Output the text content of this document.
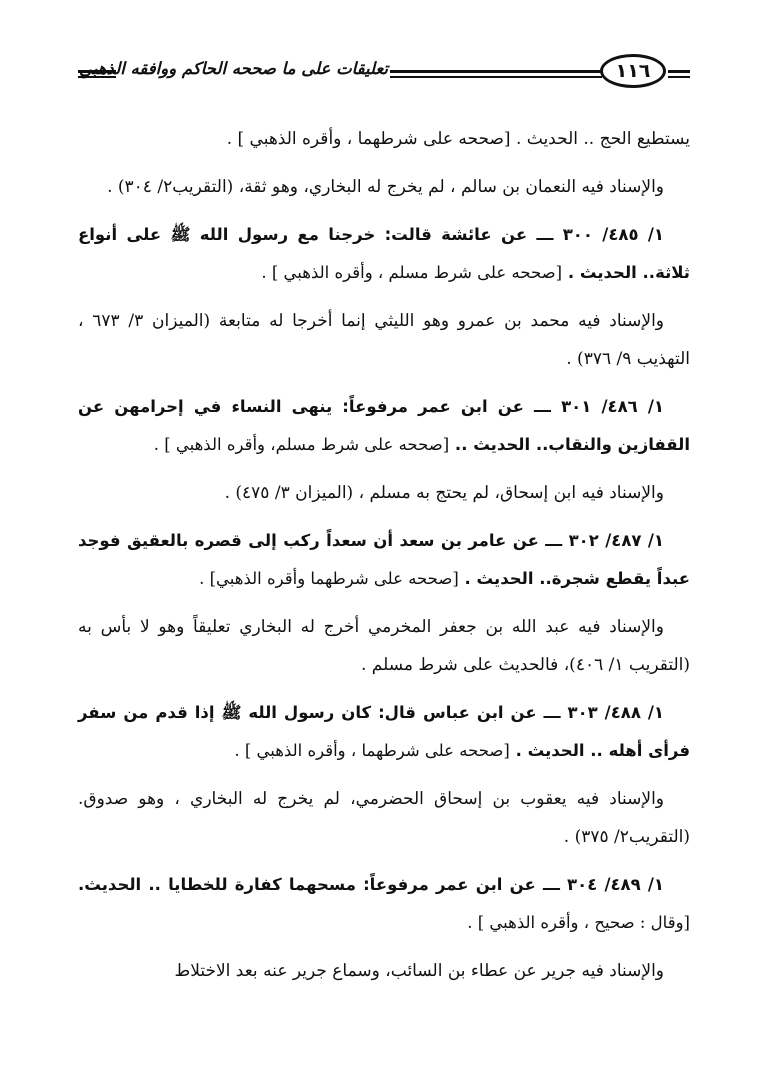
تعليقات على ما صححه الحاكم ووافقه الذهبي	١١٦

يستطيع الحج .. الحديث . [صححه على شرطهما ، وأقره الذهبي ] .

والإسناد فيه النعمان بن سالم ، لم يخرج له البخاري، وهو ثقة، (التقريب٢/ ٣٠٤) .

١/ ٤٨٥/ ٣٠٠ ـــ عن عائشة قالت: خرجنا مع رسول الله ﷺ على أنواع ثلاثة.. الحديث . [صححه على شرط مسلم ، وأقره الذهبي ] .

والإسناد فيه محمد بن عمرو وهو الليثي إنما أخرجا له متابعة (الميزان ٣/ ٦٧٣ ، التهذيب ٩/ ٣٧٦) .

١/ ٤٨٦/ ٣٠١ ـــ عن ابن عمر مرفوعاً: ينهى النساء في إحرامهن عن القفازين والنقاب.. الحديث .. [صححه على شرط مسلم، وأقره الذهبي ] .

والإسناد فيه ابن إسحاق، لم يحتج به مسلم ، (الميزان ٣/ ٤٧٥) .

١/ ٤٨٧/ ٣٠٢ ـــ عن عامر بن سعد أن سعداً ركب إلى قصره بالعقيق فوجد عبداً يقطع شجرة.. الحديث . [صححه على شرطهما وأقره الذهبي] .

والإسناد فيه عبد الله بن جعفر المخرمي أخرج له البخاري تعليقاً وهو لا بأس به (التقريب ١/ ٤٠٦)، فالحديث على شرط مسلم .

١/ ٤٨٨/ ٣٠٣ ـــ عن ابن عباس قال: كان رسول الله ﷺ إذا قدم من سفر فرأى أهله .. الحديث . [صححه على شرطهما ، وأقره الذهبي ] .

والإسناد فيه يعقوب بن إسحاق الحضرمي، لم يخرج له البخاري ، وهو صدوق. (التقريب٢/ ٣٧٥) .

١/ ٤٨٩/ ٣٠٤ ـــ عن ابن عمر مرفوعاً: مسحهما كفارة للخطايا .. الحديث. [وقال : صحيح ، وأقره الذهبي ] .

والإسناد فيه جرير عن عطاء بن السائب، وسماع جرير عنه بعد الاختلاط
